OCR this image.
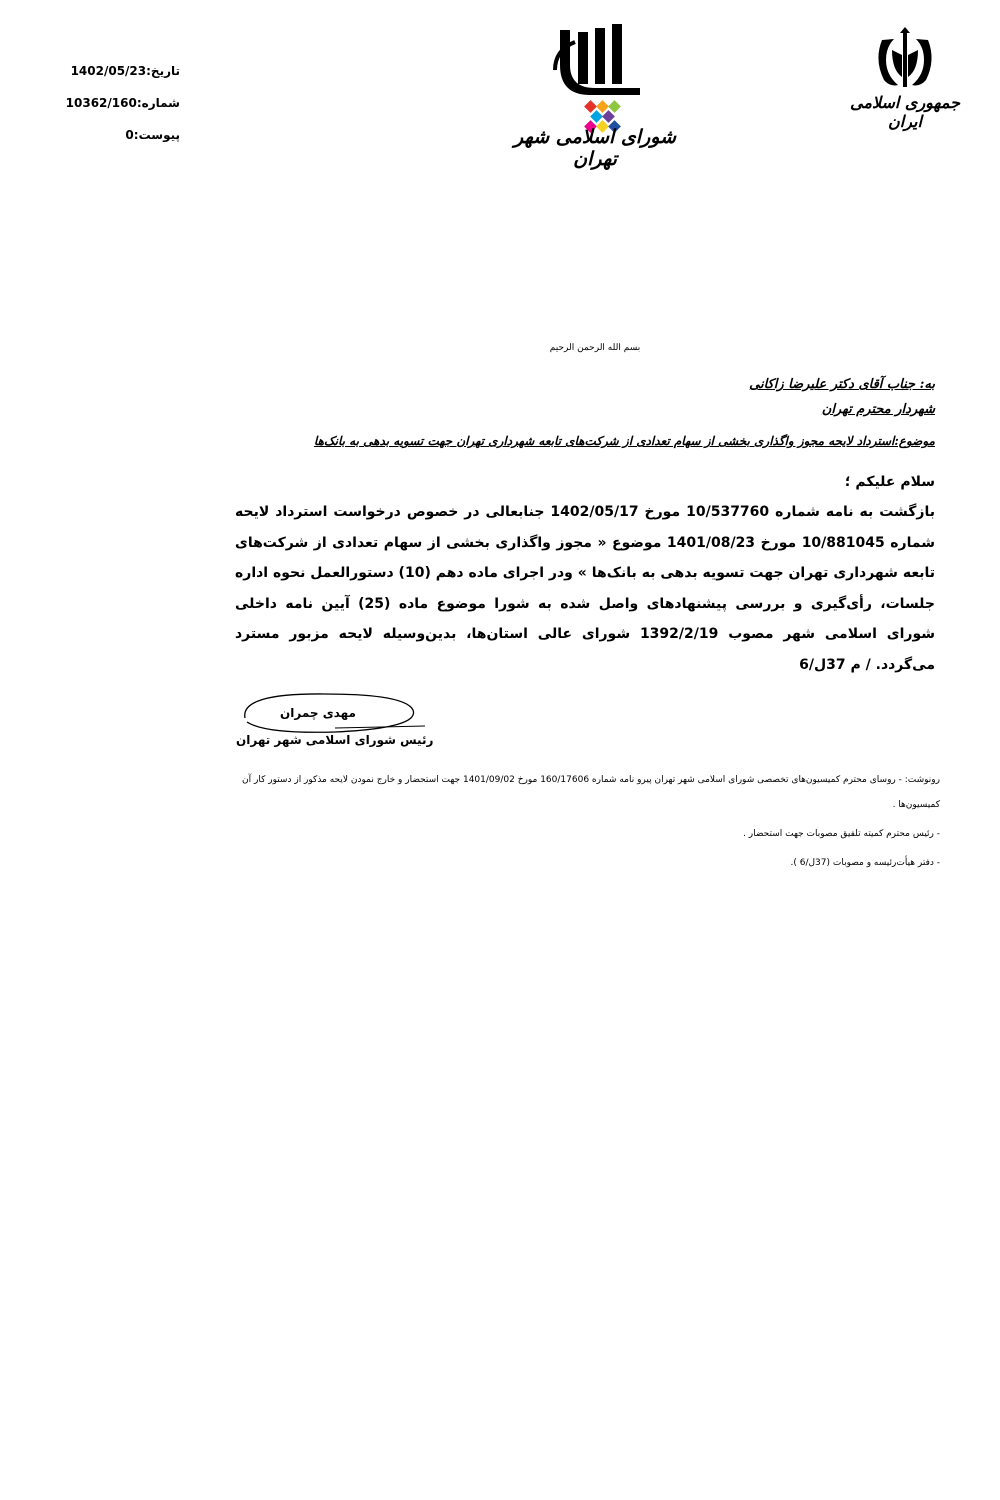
تاریخ:1402/05/23
شماره:10362/160
پیوست:0	شورای اسلامی شهر تهران
جمهوری اسلامی ایران
بسم الله الرحمن الرحیم
به: جناب آقای دکتر علیرضا زاکانی
شهردار محترم تهران
موضوع:استرداد لایحه مجوز واگذاری بخشی از سهام تعدادی از شرکت‌های تابعه شهرداری تهران جهت تسویه بدهی به بانک‌ها
سلام علیکم ؛
بازگشت به نامه شماره 10/537760 مورخ 1402/05/17 جنابعالی در خصوص درخواست استرداد لایحه شماره 10/881045 مورخ 1401/08/23 موضوع « مجوز واگذاری بخشی از سهام تعدادی از شرکت‌های تابعه شهرداری تهران جهت تسویه بدهی به بانک‌ها » ودر اجرای ماده دهم (10) دستورالعمل نحوه اداره جلسات، رأی‌گیری و بررسی پیشنهادهای واصل شده به شورا موضوع ماده (25) آیین نامه داخلی شورای اسلامی شهر مصوب 1392/2/19 شورای عالی استان‌ها، بدین‌وسیله لایحه مزبور مسترد می‌گردد. / م 37ل/6
مهدی چمران
رئیس شورای اسلامی شهر تهران

رونوشت: - روسای محترم کمیسیون‌های تخصصی شورای اسلامی شهر تهران پیرو نامه شماره 160/17606 مورخ 1401/09/02 جهت استحضار و خارج نمودن لایحه مذکور از دستور کار آن کمیسیون‌ها .

- رئیس محترم کمیته تلفیق مصوبات جهت استحضار .

- دفتر هیأت‌رئیسه و مصوبات (37ل/6 ).
